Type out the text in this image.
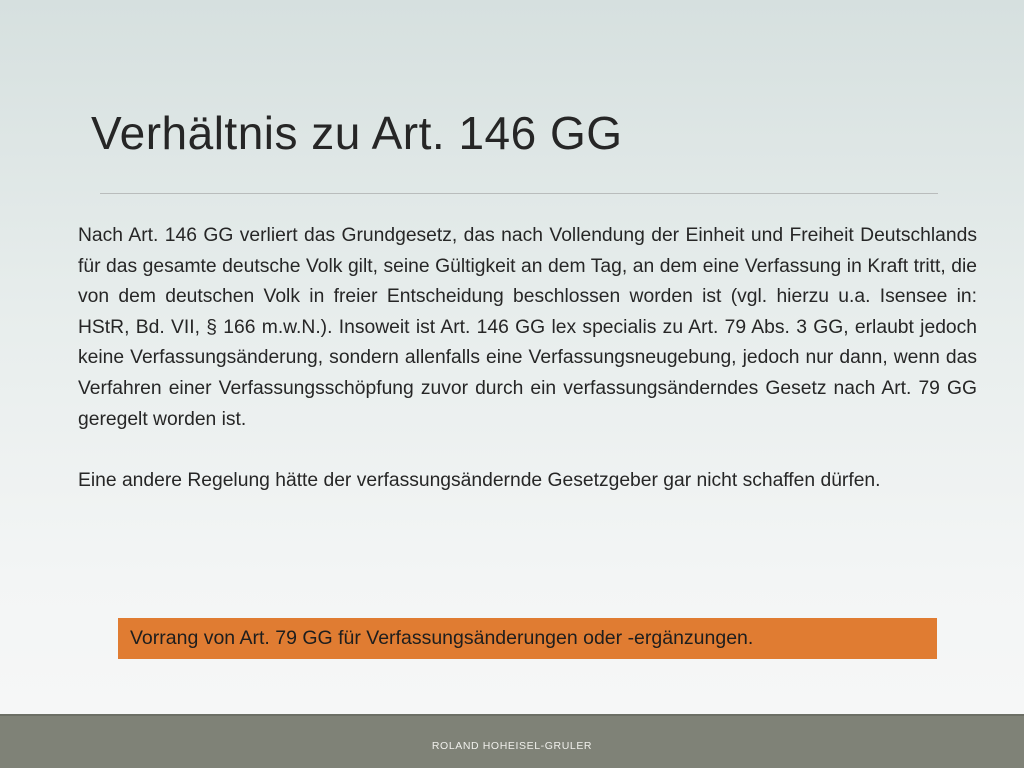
Verhältnis zu Art. 146 GG

Nach Art. 146 GG verliert das Grundgesetz, das nach Vollendung der Einheit und Freiheit Deutschlands für das gesamte deutsche Volk gilt, seine Gültigkeit an dem Tag, an dem eine Verfassung in Kraft tritt, die von dem deutschen Volk in freier Entscheidung beschlossen worden ist (vgl. hierzu u.a. Isensee in: HStR, Bd. VII, § 166 m.w.N.). Insoweit ist Art. 146 GG lex specialis zu Art. 79 Abs. 3 GG, erlaubt jedoch keine Verfassungsänderung, sondern allenfalls eine Verfassungsneugebung, jedoch nur dann, wenn das Verfahren einer Verfassungsschöpfung zuvor durch ein verfassungsänderndes Gesetz nach Art. 79 GG geregelt worden ist.

Eine andere Regelung hätte der verfassungsändernde Gesetzgeber gar nicht schaffen dürfen.

Vorrang von Art. 79 GG für Verfassungsänderungen oder -ergänzungen.
ROLAND HOHEISEL-GRULER
